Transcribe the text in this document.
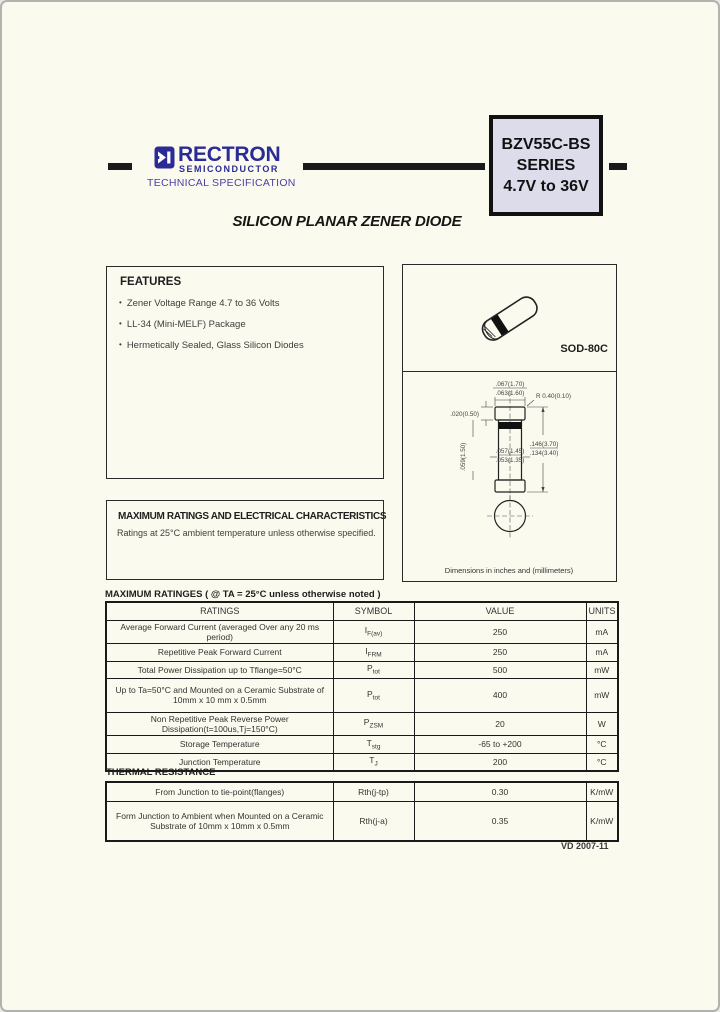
RECTRON
SEMICONDUCTOR
TECHNICAL SPECIFICATION
BZV55C-BS
SERIES
4.7V to 36V
SILICON PLANAR ZENER DIODE
FEATURES
• Zener Voltage Range 4.7 to 36 Volts
• LL-34 (Mini-MELF) Package
• Hermetically Sealed, Glass Silicon Diodes	SOD-80C
.067(1.70)
.063(1.60) R 0.40(0.10)
.020(0.50)
.059(1.50)	.057(1.45)
.053(1.35)
.146(3.70)
.134(3.40)
Dimensions in inches and (millimeters)
MAXIMUM RATINGS AND ELECTRICAL CHARACTERISTICS
Ratings at 25°C ambient temperature unless otherwise specified.
MAXIMUM RATINGES ( @ TA = 25°C unless otherwise noted )
RATINGS	SYMBOL	VALUE	UNITS
Average Forward Current (averaged Over any 20 ms period)	$I_{F(av)}$	250	mA
Repetitive Peak Forward Current	$I_{FRM}$	250	mA
Total Power Dissipation up to Tflange=50°C	$P_{tot}$	500	mW
Up to Ta=50°C and Mounted on a Ceramic Substrate of 10mm x 10 mm x 0.5mm	$P_{tot}$	400	mW
Non Repetitive Peak Reverse Power Dissipation(t=100us,Tj=150°C)	$P_{ZSM}$	20	W
Storage Temperature	$T_{stg}$	-65 to +200	°C
Junction Temperature	$T_J$	200	°C
THERMAL RESISTANCE
From Junction to tie-point(flanges)	Rth(j-tp)	0.30	K/mW
Form Junction to Ambient when Mounted on a Ceramic Substrate of 10mm x 10mm x 0.5mm	Rth(j-a)	0.35	K/mW
VD 2007-11
